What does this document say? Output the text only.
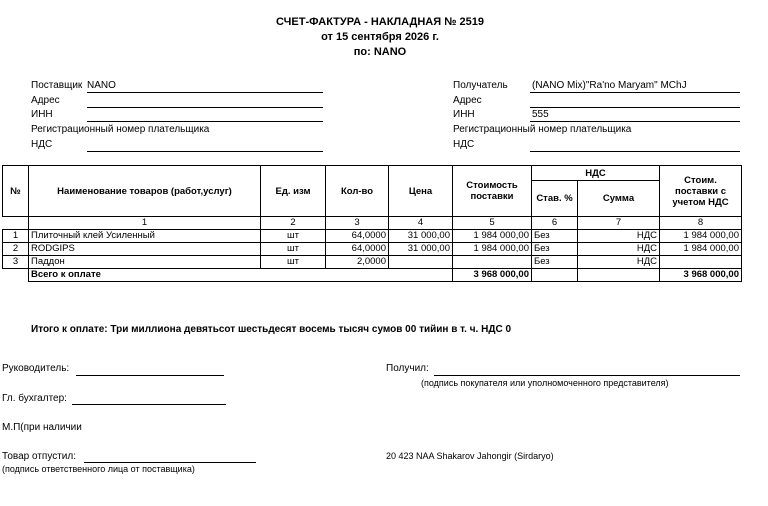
СЧЕТ-ФАКТУРА - НАКЛАДНАЯ № 2519
от 15 сентября 2026 г.
по: NANO
Поставщик NANO
Адрес
ИНН
Регистрационный номер плательщика
НДС
Получатель (NANO Mix)"Ra'no Maryam" MChJ
Адрес
ИНН	555
Регистрационный номер плательщика
НДС
№	Наименование товаров (работ,услуг)	Ед. изм	Кол-во	Цена	Стоимость поставки	НДС		Стоим. поставки с учетом НДС
						Став. %	Сумма	
	1	2	3	4	5	6	7	8
1	Плиточный клей Усиленный	шт	64,0000	31 000,00	1 984 000,00	Без	НДС	1 984 000,00
2	RODGIPS	шт	64,0000	31 000,00	1 984 000,00	Без	НДС	1 984 000,00
3	Паддон	шт	2,0000			Без	НДС	
	Всего к оплате				3 968 000,00			3 968 000,00
Итого к оплате: Три миллиона девятьсот шестьдесят восемь тысяч сумов 00 тийин в т. ч. НДС 0
Руководитель:
Гл. бухгалтер:
М.П(при наличии
Товар отпустил:
(подпись ответственного лица от поставщика)
Получил:
(подпись покупателя или уполномоченного представителя)
20 423 NAA Shakarov Jahongir (Sirdaryo)
